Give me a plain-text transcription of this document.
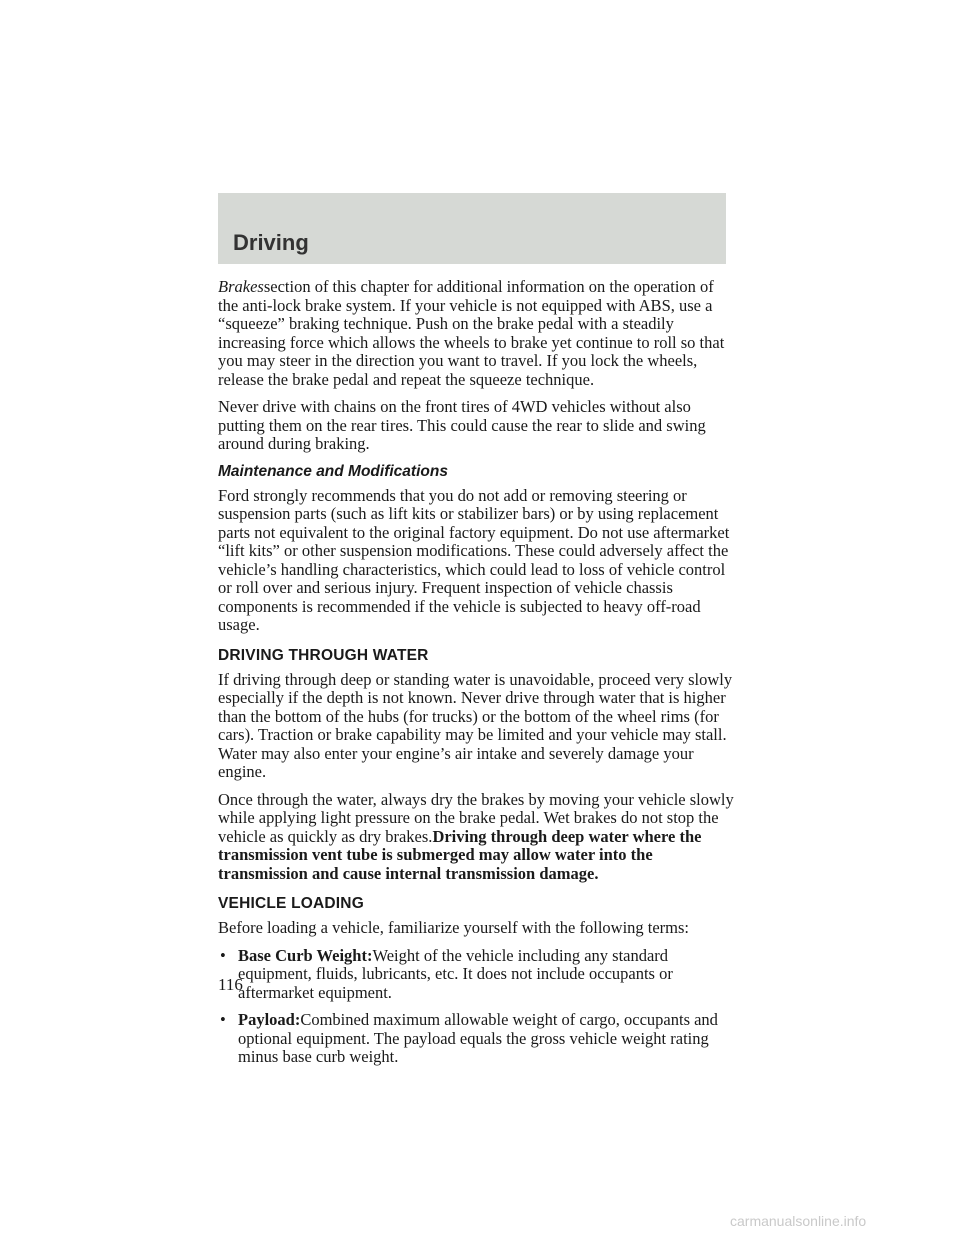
Driving

Brakessection of this chapter for additional information on the operation of the anti-lock brake system. If your vehicle is not equipped with ABS, use a “squeeze” braking technique. Push on the brake pedal with a steadily increasing force which allows the wheels to brake yet continue to roll so that you may steer in the direction you want to travel. If you lock the wheels, release the brake pedal and repeat the squeeze technique.

Never drive with chains on the front tires of 4WD vehicles without also putting them on the rear tires. This could cause the rear to slide and swing around during braking.

Maintenance and Modifications

Ford strongly recommends that you do not add or removing steering or suspension parts (such as lift kits or stabilizer bars) or by using replacement parts not equivalent to the original factory equipment. Do not use aftermarket “lift kits” or other suspension modifications. These could adversely affect the vehicle’s handling characteristics, which could lead to loss of vehicle control or roll over and serious injury. Frequent inspection of vehicle chassis components is recommended if the vehicle is subjected to heavy off-road usage.

DRIVING THROUGH WATER

If driving through deep or standing water is unavoidable, proceed very slowly especially if the depth is not known. Never drive through water that is higher than the bottom of the hubs (for trucks) or the bottom of the wheel rims (for cars). Traction or brake capability may be limited and your vehicle may stall. Water may also enter your engine’s air intake and severely damage your engine.

Once through the water, always dry the brakes by moving your vehicle slowly while applying light pressure on the brake pedal. Wet brakes do not stop the vehicle as quickly as dry brakes.Driving through deep water where the transmission vent tube is submerged may allow water into the transmission and cause internal transmission damage.

VEHICLE LOADING

Before loading a vehicle, familiarize yourself with the following terms:

• Base Curb Weight:Weight of the vehicle including any standard equipment, fluids, lubricants, etc. It does not include occupants or aftermarket equipment.
• Payload:Combined maximum allowable weight of cargo, occupants and optional equipment. The payload equals the gross vehicle weight rating minus base curb weight.
116
carmanualsonline.info
